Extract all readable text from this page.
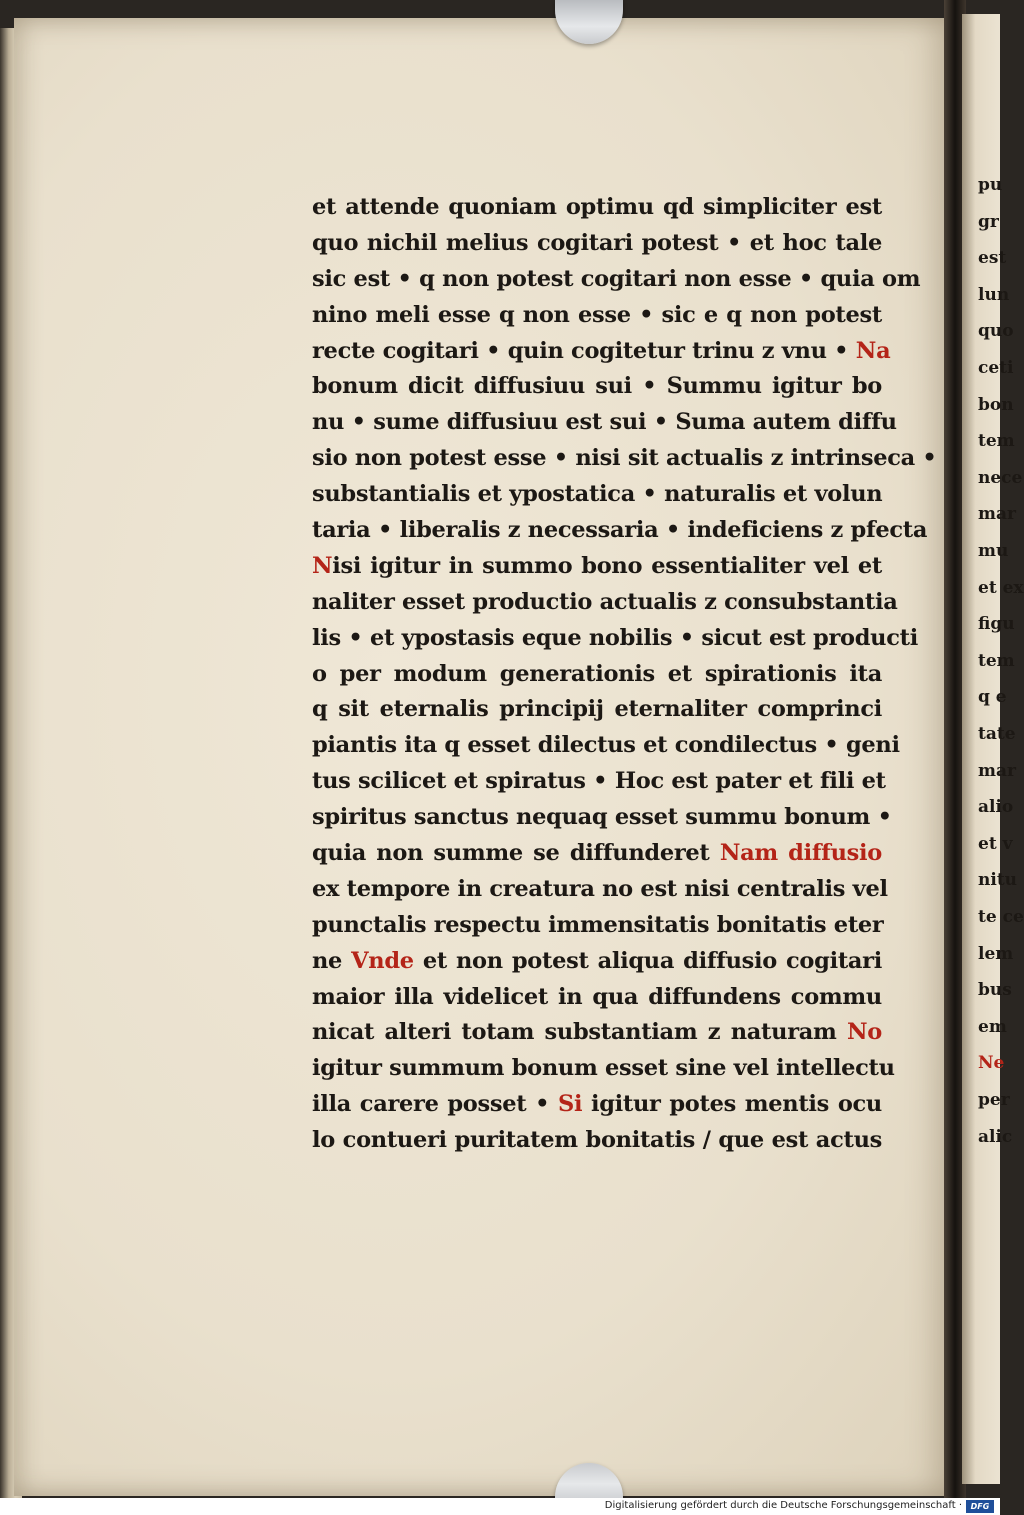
et attende quoniam optimu qd simpliciter est
quo nichil melius cogitari potest • et hoc tale
sic est • q non potest cogitari non esse • quia om
nino meli esse q non esse • sic e q non potest
recte cogitari • quin cogitetur trinu z vnu • Na
bonum dicit diffusiuu sui • Summu igitur bo
nu • sume diffusiuu est sui • Suma autem diffu
sio non potest esse • nisi sit actualis z intrinseca •
substantialis et ypostatica • naturalis et volun
taria • liberalis z necessaria • indeficiens z pfecta
Nisi igitur in summo bono essentialiter vel et
naliter esset productio actualis z consubstantia
lis • et ypostasis eque nobilis • sicut est producti
o per modum generationis et spirationis ita
q sit eternalis principij eternaliter comprinci
piantis ita q esset dilectus et condilectus • geni
tus scilicet et spiratus • Hoc est pater et fili et
spiritus sanctus nequaq esset summu bonum •
quia non summe se diffunderet Nam diffusio
ex tempore in creatura no est nisi centralis vel
punctalis respectu immensitatis bonitatis eter
ne Vnde et non potest aliqua diffusio cogitari
maior illa videlicet in qua diffundens commu
nicat alteri totam substantiam z naturam No
igitur summum bonum esset sine vel intellectu
illa carere posset • Si igitur potes mentis ocu
lo contueri puritatem bonitatis / que est actus
pu
gr
est
lun
quo
ceti
bon
tem
nece
mar
mu
et ex
figu
tem
q e
tate
mar
alio
et v
nitu
te ce
lem
bus
em
Ne
per
alic
Digitalisierung gefördert durch die Deutsche Forschungsgemeinschaft ·	DFG
